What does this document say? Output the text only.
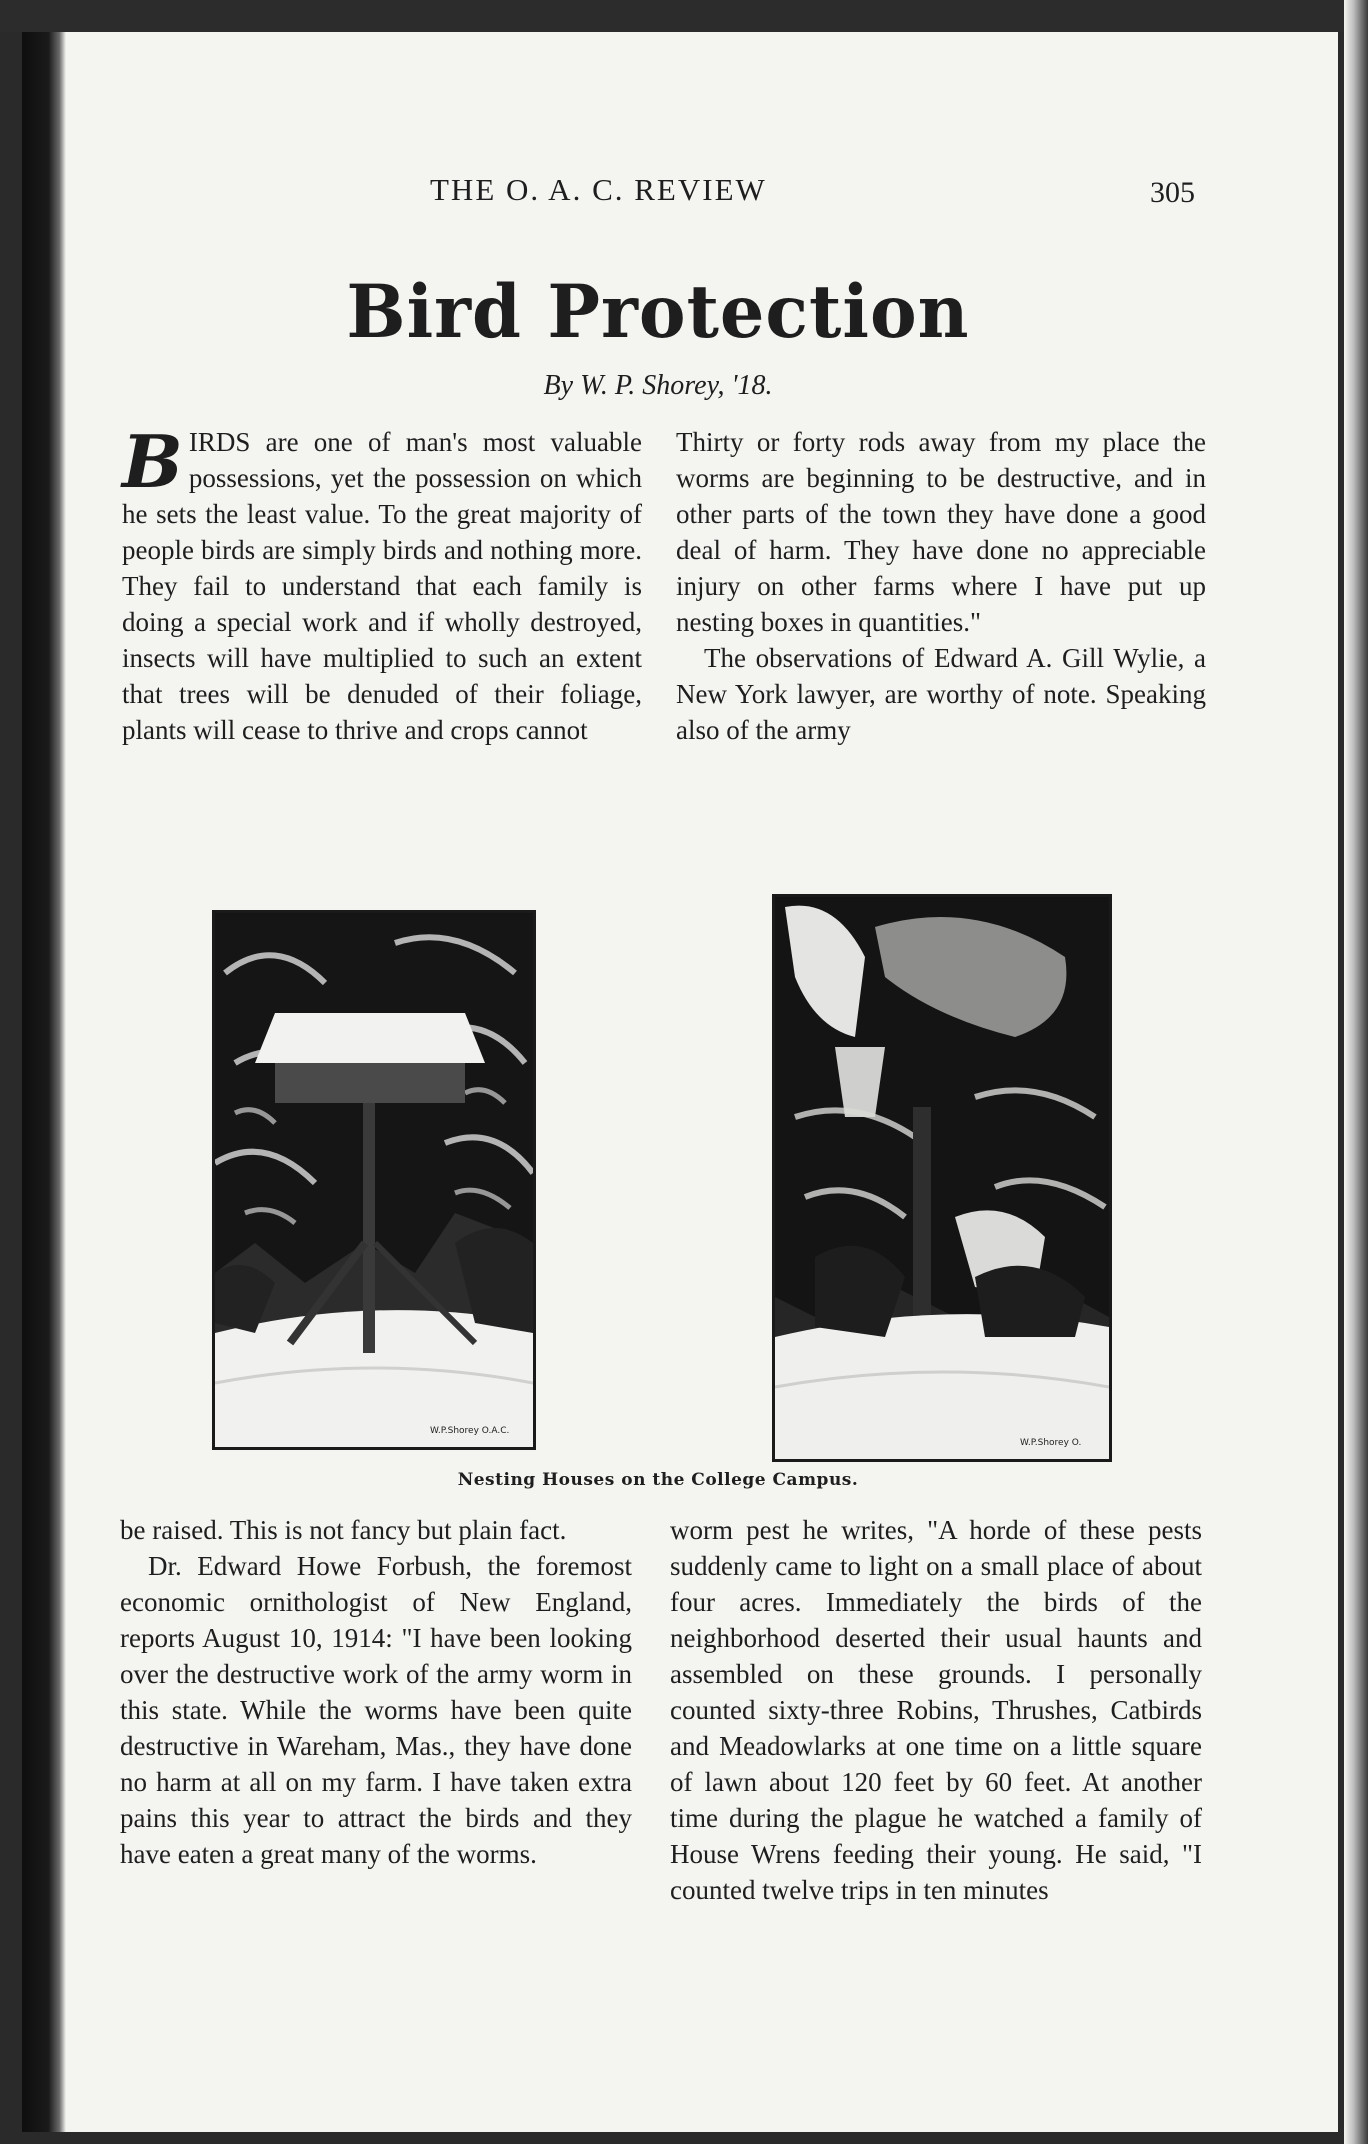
THE O. A. C. REVIEW	305
Bird Protection
By W. P. Shorey, '18.

BIRDS are one of man's most valuable possessions, yet the possession on which he sets the least value. To the great majority of people birds are simply birds and nothing more. They fail to understand that each family is doing a special work and if wholly destroyed, insects will have multiplied to such an extent that trees will be denuded of their foliage, plants will cease to thrive and crops cannot

Thirty or forty rods away from my place the worms are beginning to be destructive, and in other parts of the town they have done a good deal of harm. They have done no appreciable injury on other farms where I have put up nesting boxes in quantities."

The observations of Edward A. Gill Wylie, a New York lawyer, are worthy of note. Speaking also of the army

W.P.Shorey O.A.C.
W.P.Shorey O.
Nesting Houses on the College Campus.

be raised. This is not fancy but plain fact.

Dr. Edward Howe Forbush, the foremost economic ornithologist of New England, reports August 10, 1914: "I have been looking over the destructive work of the army worm in this state. While the worms have been quite destructive in Wareham, Mas., they have done no harm at all on my farm. I have taken extra pains this year to attract the birds and they have eaten a great many of the worms.

worm pest he writes, "A horde of these pests suddenly came to light on a small place of about four acres. Immediately the birds of the neighborhood deserted their usual haunts and assembled on these grounds. I personally counted sixty-three Robins, Thrushes, Catbirds and Meadowlarks at one time on a little square of lawn about 120 feet by 60 feet. At another time during the plague he watched a family of House Wrens feeding their young. He said, "I counted twelve trips in ten minutes
